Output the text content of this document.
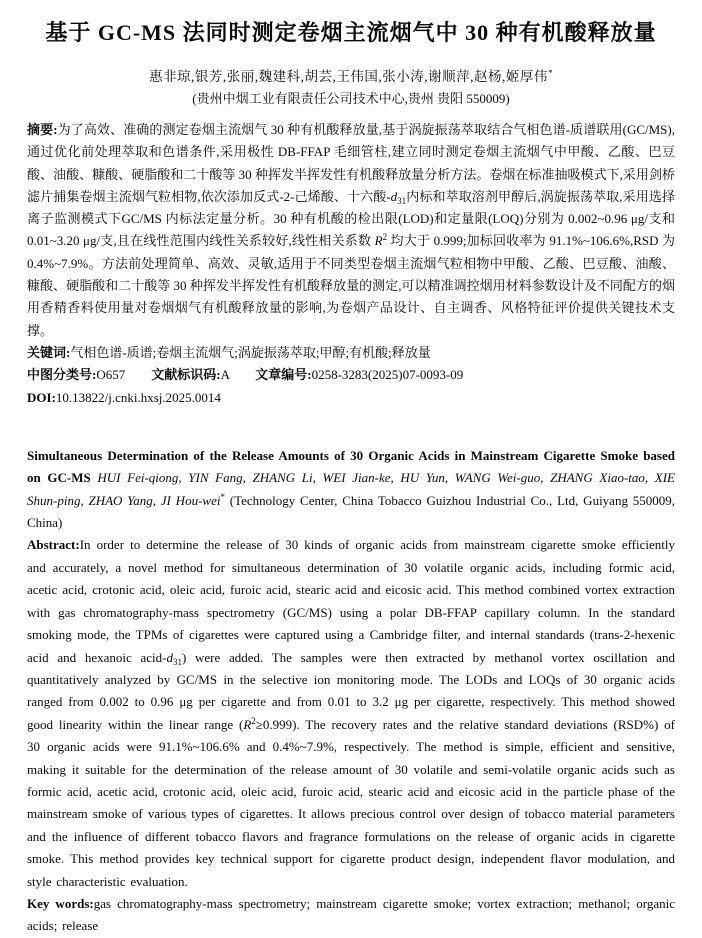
基于 GC-MS 法同时测定卷烟主流烟气中 30 种有机酸释放量
惠非琼,银芳,张丽,魏建科,胡芸,王伟国,张小涛,谢顺萍,赵杨,姬厚伟*
(贵州中烟工业有限责任公司技术中心,贵州 贵阳 550009)

摘要:为了高效、准确的测定卷烟主流烟气 30 种有机酸释放量,基于涡旋振荡萃取结合气相色谱-质谱联用(GC/MS),通过优化前处理萃取和色谱条件,采用极性 DB-FFAP 毛细管柱,建立同时测定卷烟主流烟气中甲酸、乙酸、巴豆酸、油酸、糠酸、硬脂酸和二十酸等 30 种挥发半挥发性有机酸释放量分析方法。卷烟在标准抽吸模式下,采用剑桥滤片捕集卷烟主流烟气粒相物,依次添加反式-2-己烯酸、十六酸$-d_{31}$内标和萃取溶剂甲醇后,涡旋振荡萃取,采用选择离子监测模式下GC/MS 内标法定量分析。30 种有机酸的检出限(LOD)和定量限(LOQ)分别为 0.002~0.96 μg/支和 0.01~3.20 μg/支,且在线性范围内线性关系较好,线性相关系数 $R^2$ 均大于 0.999;加标回收率为 91.1%~106.6%,RSD 为 0.4%~7.9%。方法前处理简单、高效、灵敏,适用于不同类型卷烟主流烟气粒相物中甲酸、乙酸、巴豆酸、油酸、糠酸、硬脂酸和二十酸等 30 种挥发半挥发性有机酸释放量的测定,可以精准调控烟用材料参数设计及不同配方的烟用香精香料使用量对卷烟烟气有机酸释放量的影响,为卷烟产品设计、自主调香、风格特征评价提供关键技术支撑。

关键词:气相色谱-质谱;卷烟主流烟气;涡旋振荡萃取;甲醇;有机酸;释放量

中图分类号:O657　　文献标识码:A　　文章编号:0258-3283(2025)07-0093-09

DOI:10.13822/j.cnki.hxsj.2025.0014

Simultaneous Determination of the Release Amounts of 30 Organic Acids in Mainstream Cigarette Smoke based on GC-MS HUI Fei-qiong, YIN Fang, ZHANG Li, WEI Jian-ke, HU Yun, WANG Wei-guo, ZHANG Xiao-tao, XIE Shun-ping, ZHAO Yang, JI Hou-wei* (Technology Center, China Tobacco Guizhou Industrial Co., Ltd, Guiyang 550009, China)

Abstract:In order to determine the release of 30 kinds of organic acids from mainstream cigarette smoke efficiently and accurately, a novel method for simultaneous determination of 30 volatile organic acids, including formic acid, acetic acid, crotonic acid, oleic acid, furoic acid, stearic acid and eicosic acid. This method combined vortex extraction with gas chromatography-mass spectrometry (GC/MS) using a polar DB-FFAP capillary column. In the standard smoking mode, the TPMs of cigarettes were captured using a Cambridge filter, and internal standards (trans-2-hexenic acid and hexanoic acid-$d_{31}$) were added. The samples were then extracted by methanol vortex oscillation and quantitatively analyzed by GC/MS in the selective ion monitoring mode. The LODs and LOQs of 30 organic acids ranged from 0.002 to 0.96 μg per cigarette and from 0.01 to 3.2 μg per cigarette, respectively. This method showed good linearity within the linear range $(R^2\ge 0.999)$. The recovery rates and the relative standard deviations (RSD%) of 30 organic acids were 91.1%~106.6% and 0.4%~7.9%, respectively. The method is simple, efficient and sensitive, making it suitable for the determination of the release amount of 30 volatile and semi-volatile organic acids such as formic acid, acetic acid, crotonic acid, oleic acid, furoic acid, stearic acid and eicosic acid in the particle phase of the mainstream smoke of various types of cigarettes. It allows precious control over design of tobacco material parameters and the influence of different tobacco flavors and fragrance formulations on the release of organic acids in cigarette smoke. This method provides key technical support for cigarette product design, independent flavor modulation, and style characteristic evaluation.

Key words:gas chromatography-mass spectrometry; mainstream cigarette smoke; vortex extraction; methanol; organic acids; release
